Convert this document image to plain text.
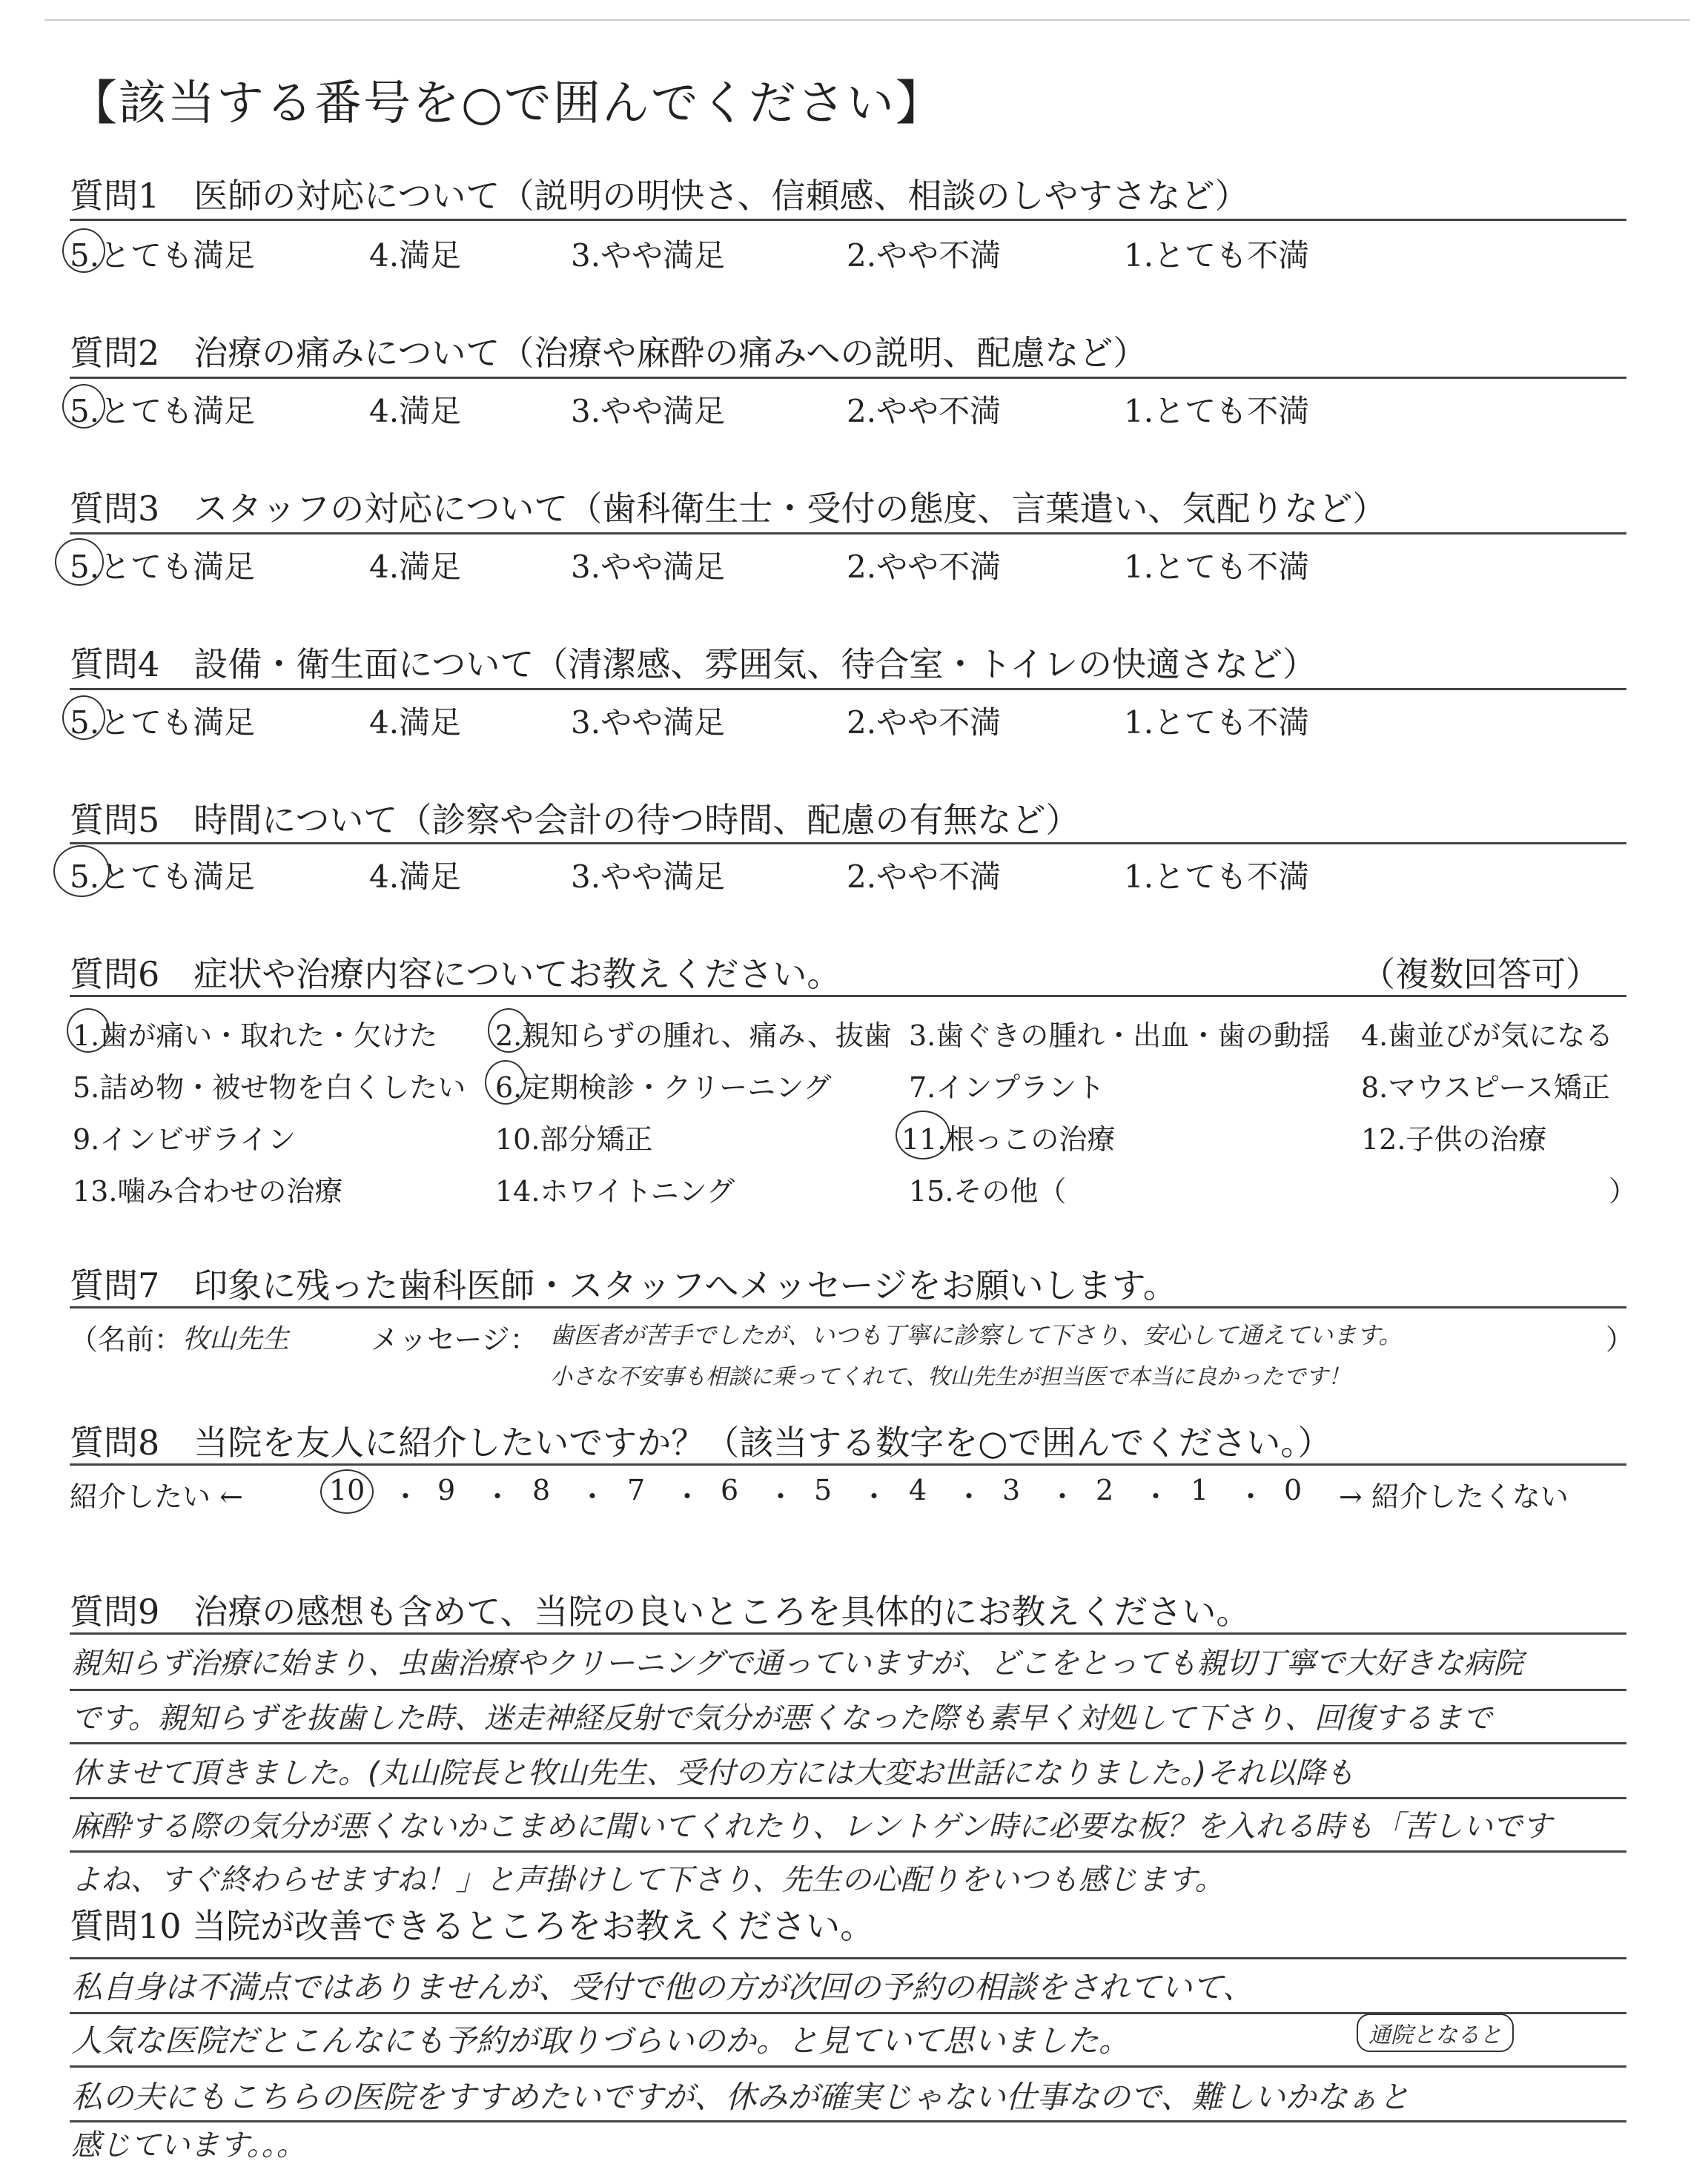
【該当する番号を○で囲んでください】
質問1　医師の対応について（説明の明快さ、信頼感、相談のしやすさなど）
5.とても満足	4.満足	3.やや満足	2.やや不満	1.とても不満
質問2　治療の痛みについて（治療や麻酔の痛みへの説明、配慮など）
5.とても満足	4.満足	3.やや満足	2.やや不満	1.とても不満
質問3　スタッフの対応について（歯科衛生士・受付の態度、言葉遣い、気配りなど）
5.とても満足	4.満足	3.やや満足	2.やや不満	1.とても不満
質問4　設備・衛生面について（清潔感、雰囲気、待合室・トイレの快適さなど）
5.とても満足	4.満足	3.やや満足	2.やや不満	1.とても不満
質問5　時間について（診察や会計の待つ時間、配慮の有無など）
5.とても満足	4.満足	3.やや満足	2.やや不満	1.とても不満
質問6　症状や治療内容についてお教えください。	（複数回答可）
1.歯が痛い・取れた・欠けた 2.親知らずの腫れ、痛み、抜歯 3.歯ぐきの腫れ・出血・歯の動揺 4.歯並びが気になる
5.詰め物・被せ物を白くしたい 6.定期検診・クリーニング	7.インプラント	8.マウスピース矯正
9.インビザライン	10.部分矯正	11.根っこの治療	12.子供の治療
13.噛み合わせの治療	14.ホワイトニング	15.その他（	）
質問7　印象に残った歯科医師・スタッフへメッセージをお願いします。
（名前： 牧山先生	メッセージ： 歯医者が苦手でしたが、いつも丁寧に診察して下さり、安心して通えています。
小さな不安事も相談に乗ってくれて、牧山先生が担当医で本当に良かったです！
）
質問8　当院を友人に紹介したいですか？（該当する数字を○で囲んでください。）
紹介したい ←	10 ・ 9 ・ 8 ・ 7 ・ 6 ・ 5 ・ 4 ・ 3 ・ 2 ・ 1 ・ 0 → 紹介したくない
質問9　治療の感想も含めて、当院の良いところを具体的にお教えください。
親知らず治療に始まり、虫歯治療やクリーニングで通っていますが、どこをとっても親切丁寧で大好きな病院
です。親知らずを抜歯した時、迷走神経反射で気分が悪くなった際も素早く対処して下さり、回復するまで
休ませて頂きました。(丸山院長と牧山先生、受付の方には大変お世話になりました。)それ以降も
麻酔する際の気分が悪くないかこまめに聞いてくれたり、レントゲン時に必要な板？を入れる時も「苦しいです
よね、すぐ終わらせますね！」と声掛けして下さり、先生の心配りをいつも感じます。
質問10 当院が改善できるところをお教えください。
私自身は不満点ではありませんが、受付で他の方が次回の予約の相談をされていて、
人気な医院だとこんなにも予約が取りづらいのか。と見ていて思いました。	通院となると
私の夫にもこちらの医院をすすめたいですが、休みが確実じゃない仕事なので、難しいかなぁと
感じています。。。
